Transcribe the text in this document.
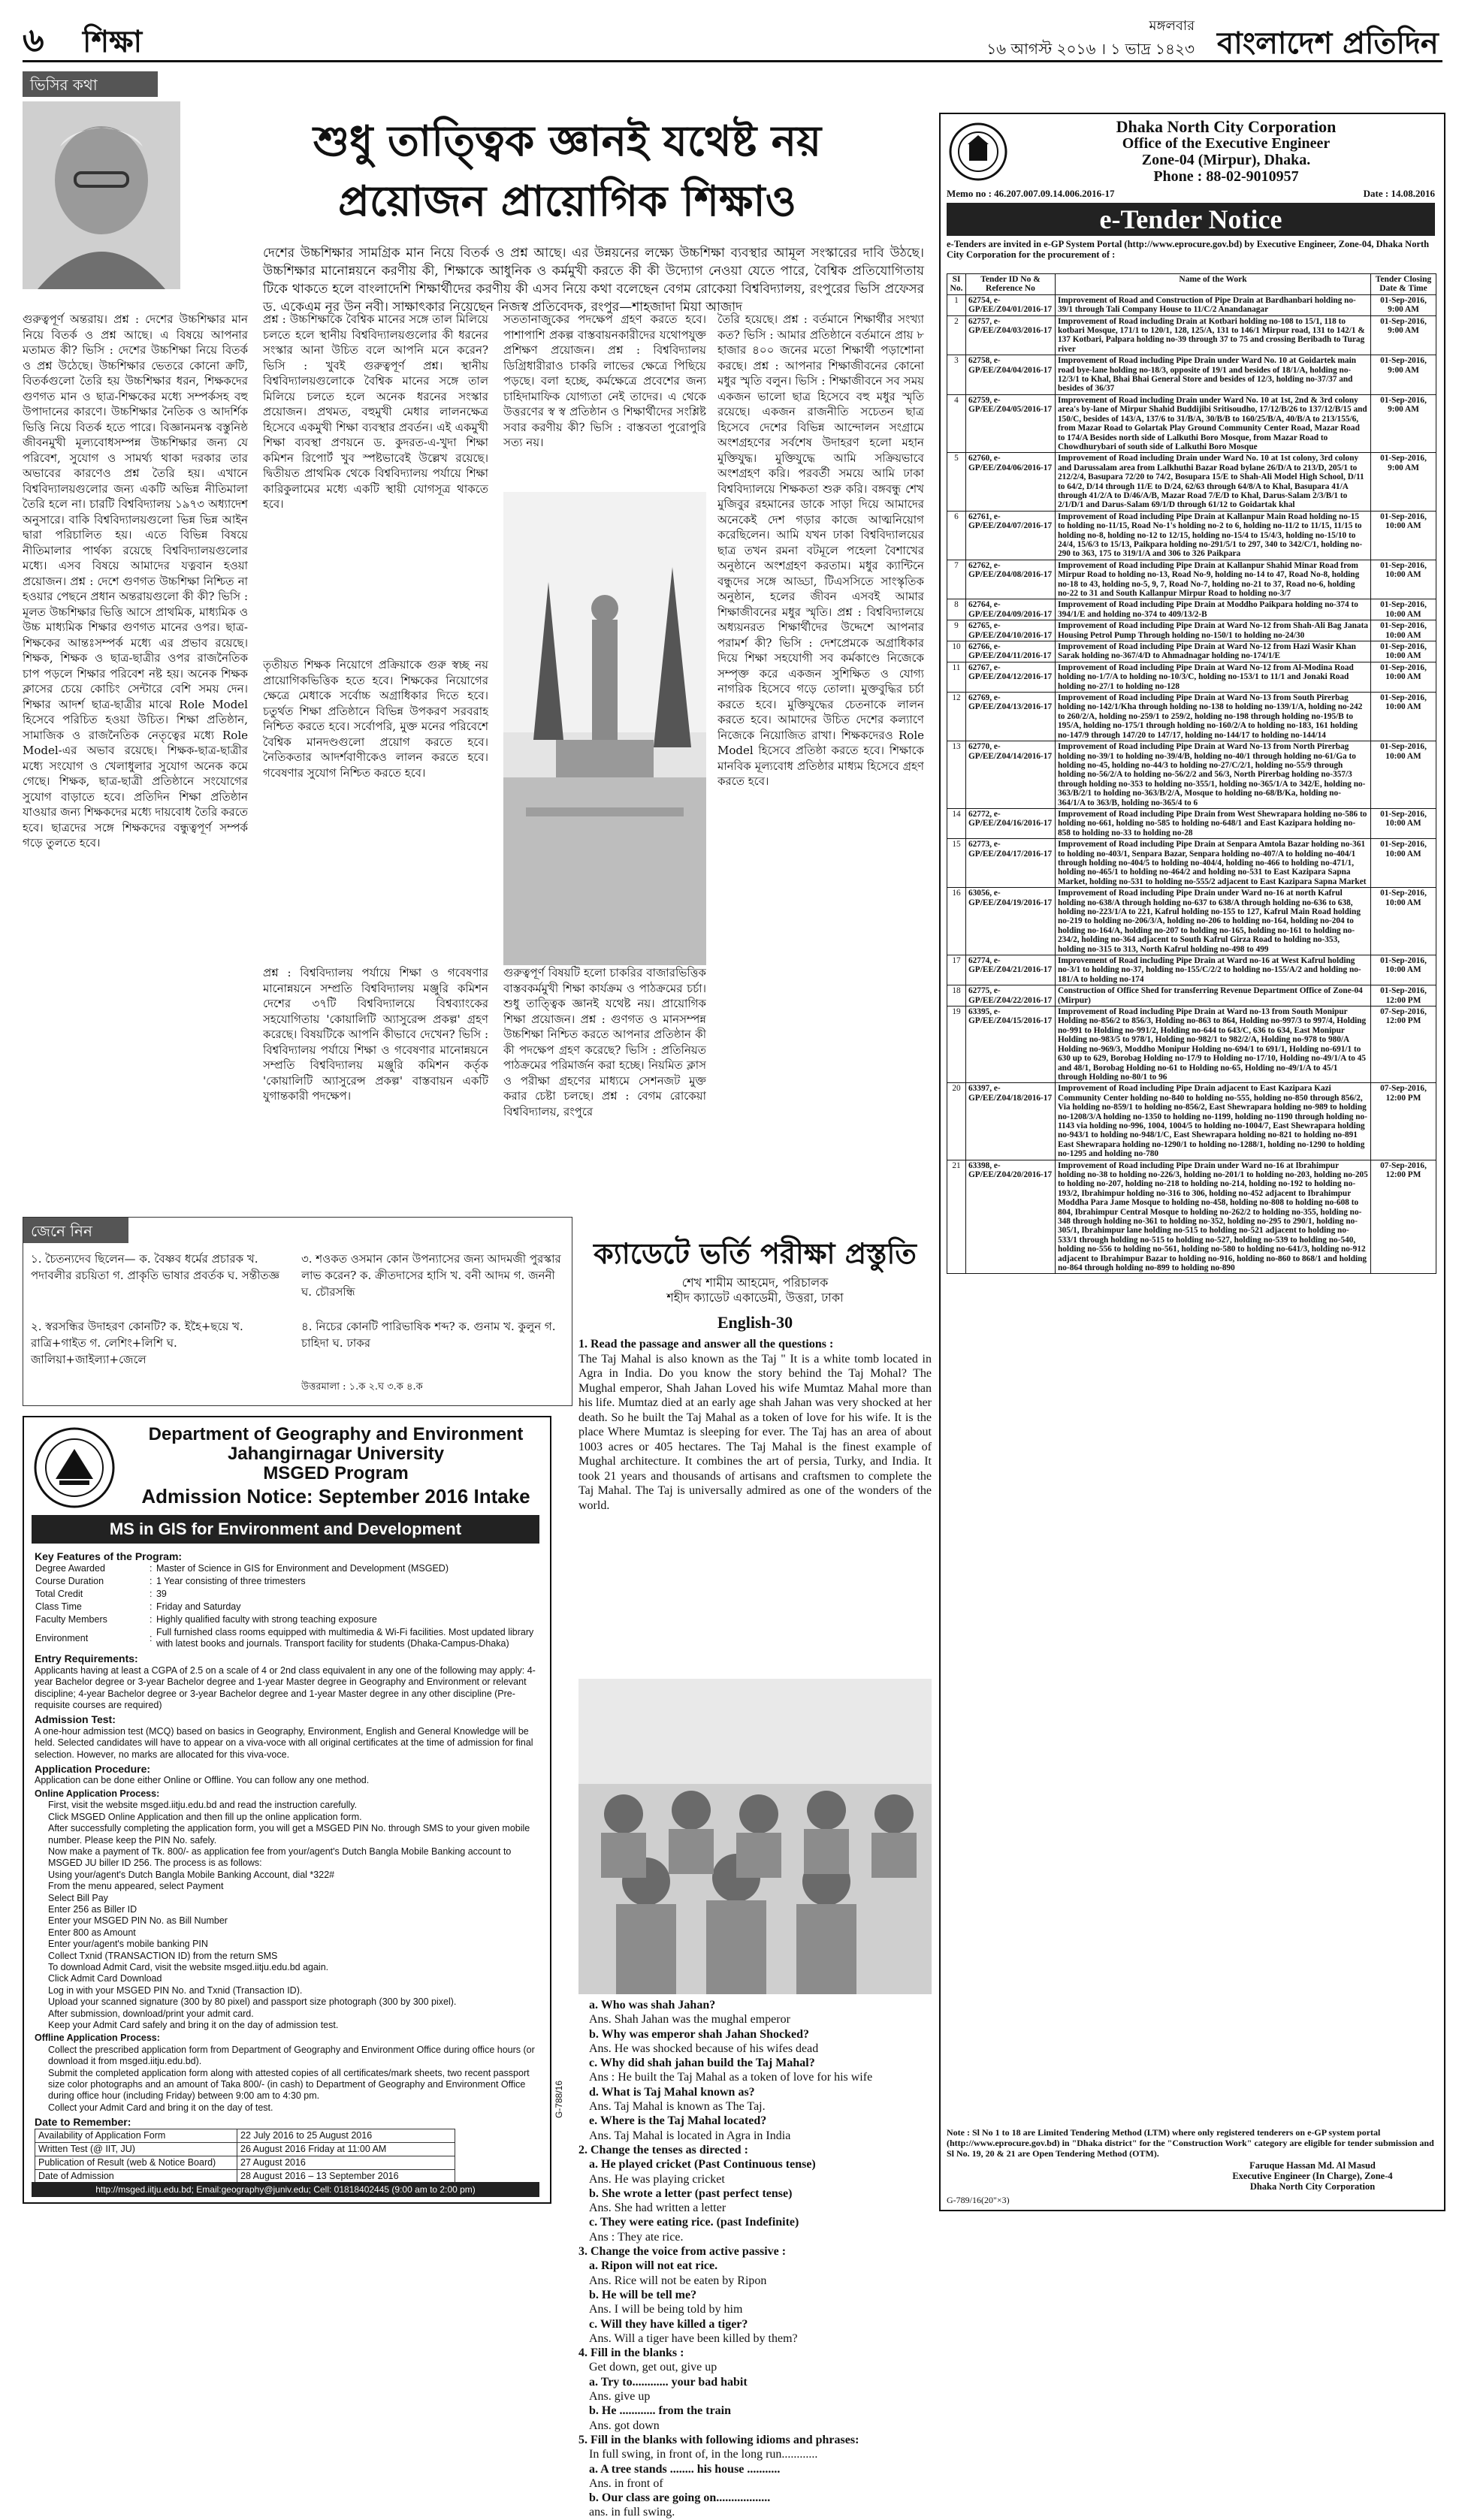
৬ শিক্ষা	মঙ্গলবার
১৬ আগস্ট ২০১৬ । ১ ভাদ্র ১৪২৩ বাংলাদেশ প্রতিদিন
ভিসির কথা
শুধু তাত্ত্বিক জ্ঞানই যথেষ্ট নয়
প্রয়োজন প্রায়োগিক শিক্ষাও
দেশের উচ্চশিক্ষার সামগ্রিক মান নিয়ে বিতর্ক ও প্রশ্ন আছে। এর উন্নয়নের লক্ষ্যে উচ্চশিক্ষা ব্যবস্থার আমূল সংস্কারের দাবি উঠছে। উচ্চশিক্ষার মানোন্নয়নে করণীয় কী, শিক্ষাকে আধুনিক ও কর্মমুখী করতে কী কী উদ্যোগ নেওয়া যেতে পারে, বৈশ্বিক প্রতিযোগিতায় টিকে থাকতে হলে বাংলাদেশি শিক্ষার্থীদের করণীয় কী এসব নিয়ে কথা বলেছেন বেগম রোকেয়া বিশ্ববিদ্যালয়, রংপুরের ভিসি প্রফেসর ড. একেএম নূর উন নবী। সাক্ষাৎকার নিয়েছেন নিজস্ব প্রতিবেদক, রংপুর—শাহজাদা মিয়া আজাদ
গুরুত্বপূর্ণ অন্তরায়। প্রশ্ন : দেশের উচ্চশিক্ষার মান নিয়ে বিতর্ক ও প্রশ্ন আছে। এ বিষয়ে আপনার মতামত কী? ভিসি : দেশের উচ্চশিক্ষা নিয়ে বিতর্ক ও প্রশ্ন উঠেছে। উচ্চশিক্ষার ভেতরে কোনো ক্রটি, বিতর্কগুলো তৈরি হয় উচ্চশিক্ষার ধরন, শিক্ষকদের গুণগত মান ও ছাত্র-শিক্ষকের মধ্যে সম্পর্কসহ বহু উপাদানের কারণে। উচ্চশিক্ষার নৈতিক ও আদর্শিক ভিত্তি নিয়ে বিতর্ক হতে পারে। বিজ্ঞানমনস্ক বস্তুনিষ্ঠ জীবনমুখী মূল্যবোধসম্পন্ন উচ্চশিক্ষার জন্য যে পরিবেশ, সুযোগ ও সামর্থ্য থাকা দরকার তার অভাবের কারণেও প্রশ্ন তৈরি হয়। এখানে বিশ্ববিদ্যালয়গুলোর জন্য একটি অভিন্ন নীতিমালা তৈরি হলে না। চারটি বিশ্ববিদ্যালয় ১৯৭৩ অধ্যাদেশ অনুসারে। বাকি বিশ্ববিদ্যালয়গুলো ভিন্ন ভিন্ন আইন দ্বারা পরিচালিত হয়। এতে বিভিন্ন বিষয়ে নীতিমালার পার্থক্য রয়েছে বিশ্ববিদ্যালয়গুলোর মধ্যে। এসব বিষয়ে আমাদের যত্নবান হওয়া প্রয়োজন। প্রশ্ন : দেশে গুণগত উচ্চশিক্ষা নিশ্চিত না হওয়ার পেছনে প্রধান অন্তরায়গুলো কী কী? ভিসি : মূলত উচ্চশিক্ষার ভিত্তি আসে প্রাথমিক, মাধ্যমিক ও উচ্চ মাধ্যমিক শিক্ষার গুণগত মানের ওপর। ছাত্র-শিক্ষকের আন্তঃসম্পর্ক মধ্যে এর প্রভাব রয়েছে। শিক্ষক, শিক্ষক ও ছাত্র-ছাত্রীর ওপর রাজনৈতিক চাপ পড়লে শিক্ষার পরিবেশ নষ্ট হয়। অনেক শিক্ষক ক্লাসের চেয়ে কোচিং সেন্টারে বেশি সময় দেন। শিক্ষার আদর্শ ছাত্র-ছাত্রীর মাঝে Role Model হিসেবে পরিচিত হওয়া উচিত। শিক্ষা প্রতিষ্ঠান, সামাজিক ও রাজনৈতিক নেতৃত্বের মধ্যে Role Model-এর অভাব রয়েছে। শিক্ষক-ছাত্র-ছাত্রীর মধ্যে সংযোগ ও খেলাধুলার সুযোগ অনেক কমে গেছে। শিক্ষক, ছাত্র-ছাত্রী প্রতিষ্ঠানে সংযোগের সুযোগ বাড়াতে হবে। প্রতিদিন শিক্ষা প্রতিষ্ঠান যাওয়ার জন্য শিক্ষকদের মধ্যে দায়বোধ তৈরি করতে হবে। ছাত্রদের সঙ্গে শিক্ষকদের বন্ধুত্বপূর্ণ সম্পর্ক গড়ে তুলতে হবে।
প্রশ্ন : উচ্চশিক্ষাকে বৈশ্বিক মানের সঙ্গে তাল মিলিয়ে চলতে হলে স্থানীয় বিশ্ববিদ্যালয়গুলোর কী ধরনের সংস্কার আনা উচিত বলে আপনি মনে করেন? ভিসি : খুবই গুরুত্বপূর্ণ প্রশ্ন। স্থানীয় বিশ্ববিদ্যালয়গুলোকে বৈশ্বিক মানের সঙ্গে তাল মিলিয়ে চলতে হলে অনেক ধরনের সংস্কার প্রয়োজন। প্রথমত, বহুমুখী মেধার লালনক্ষেত্র হিসেবে একমুখী শিক্ষা ব্যবস্থার প্রবর্তন। এই একমুখী শিক্ষা ব্যবস্থা প্রণয়নে ড. কুদরত-এ-খুদা শিক্ষা কমিশন রিপোর্ট খুব স্পষ্টভাবেই উল্লেখ রয়েছে। দ্বিতীয়ত প্রাথমিক থেকে বিশ্ববিদ্যালয় পর্যায়ে শিক্ষা কারিকুলামের মধ্যে একটি স্থায়ী যোগসূত্র থাকতে হবে।
তৃতীয়ত শিক্ষক নিয়োগে প্রক্রিয়াকে গুরু স্বচ্ছ নয় প্রায়োগিকভিত্তিক হতে হবে। শিক্ষকের নিয়োগের ক্ষেত্রে মেধাকে সর্বোচ্চ অগ্রাধিকার দিতে হবে। চতুর্থত শিক্ষা প্রতিষ্ঠানে বিভিন্ন উপকরণ সরবরাহ নিশ্চিত করতে হবে। সর্বোপরি, মুক্ত মনের পরিবেশে বৈশ্বিক মানদণ্ডগুলো প্রয়োগ করতে হবে। নৈতিকতার আদর্শবাণীকেও লালন করতে হবে। গবেষণার সুযোগ নিশ্চিত করতে হবে।
সততানাজুকের পদক্ষেপ গ্রহণ করতে হবে। পাশাপাশি প্রকল্প বাস্তবায়নকারীদের যথোপযুক্ত প্রশিক্ষণ প্রয়োজন। প্রশ্ন : বিশ্ববিদ্যালয় ডিগ্রিধারীরাও চাকরি লাভের ক্ষেত্রে পিছিয়ে পড়ছে। বলা হচ্ছে, কর্মক্ষেত্রে প্রবেশের জন্য চাহিদামাফিক যোগ্যতা নেই তাদের। এ থেকে উত্তরণের স্ব স্ব প্রতিষ্ঠান ও শিক্ষার্থীদের সংশ্লিষ্ট সবার করণীয় কী? ভিসি : বাস্তবতা পুরোপুরি সত্য নয়।
প্রশ্ন : বিশ্ববিদ্যালয় পর্যায়ে শিক্ষা ও গবেষণার মানোন্নয়নে সম্প্রতি বিশ্ববিদ্যালয় মঞ্জুরি কমিশন দেশের ৩৭টি বিশ্ববিদ্যালয়ে বিশ্বব্যাংকের সহযোগিতায় 'কোয়ালিটি অ্যাসুরেন্স প্রকল্প' গ্রহণ করেছে। বিষয়টিকে আপনি কীভাবে দেখেন? ভিসি : বিশ্ববিদ্যালয় পর্যায়ে শিক্ষা ও গবেষণার মানোন্নয়নে সম্প্রতি বিশ্ববিদ্যালয় মঞ্জুরি কমিশন কর্তৃক 'কোয়ালিটি অ্যাসুরেন্স প্রকল্প' বাস্তবায়ন একটি যুগান্তকারী পদক্ষেপ।
গুরুত্বপূর্ণ বিষয়টি হলো চাকরির বাজারভিত্তিক বাস্তবকর্মমুখী শিক্ষা কার্যক্রম ও পাঠক্রমের চর্চা। শুধু তাত্ত্বিক জ্ঞানই যথেষ্ট নয়। প্রায়োগিক শিক্ষা প্রয়োজন। প্রশ্ন : গুণগত ও মানসম্পন্ন উচ্চশিক্ষা নিশ্চিত করতে আপনার প্রতিষ্ঠান কী কী পদক্ষেপ গ্রহণ করেছে? ভিসি : প্রতিনিয়ত পাঠক্রমের পরিমার্জন করা হচ্ছে। নিয়মিত ক্লাস ও পরীক্ষা গ্রহণের মাধ্যমে সেশনজট মুক্ত করার চেষ্টা চলছে। প্রশ্ন : বেগম রোকেয়া বিশ্ববিদ্যালয়, রংপুরে
তৈরি হয়েছে। প্রশ্ন : বর্তমানে শিক্ষার্থীর সংখ্যা কত? ভিসি : আমার প্রতিষ্ঠানে বর্তমানে প্রায় ৮ হাজার ৪০০ জনের মতো শিক্ষার্থী পড়াশোনা করছে। প্রশ্ন : আপনার শিক্ষাজীবনের কোনো মধুর স্মৃতি বলুন। ভিসি : শিক্ষাজীবনে সব সময় একজন ভালো ছাত্র হিসেবে বহু মধুর স্মৃতি রয়েছে। একজন রাজনীতি সচেতন ছাত্র হিসেবে দেশের বিভিন্ন আন্দোলন সংগ্রামে অংশগ্রহণের সর্বশেষ উদাহরণ হলো মহান মুক্তিযুদ্ধ। মুক্তিযুদ্ধে আমি সক্রিয়ভাবে অংশগ্রহণ করি। পরবর্তী সময়ে আমি ঢাকা বিশ্ববিদ্যালয়ে শিক্ষকতা শুরু করি। বঙ্গবন্ধু শেখ মুজিবুর রহমানের ডাকে সাড়া দিয়ে আমাদের অনেকেই দেশ গড়ার কাজে আত্মনিয়োগ করেছিলেন। আমি যখন ঢাকা বিশ্ববিদ্যালয়ের ছাত্র তখন রমনা বটমূলে পহেলা বৈশাখের অনুষ্ঠানে অংশগ্রহণ করতাম। মধুর ক্যান্টিনে বন্ধুদের সঙ্গে আড্ডা, টিএসসিতে সাংস্কৃতিক অনুষ্ঠান, হলের জীবন এসবই আমার শিক্ষাজীবনের মধুর স্মৃতি। প্রশ্ন : বিশ্ববিদ্যালয়ে অধ্যয়নরত শিক্ষার্থীদের উদ্দেশে আপনার পরামর্শ কী? ভিসি : দেশপ্রেমকে অগ্রাধিকার দিয়ে শিক্ষা সহযোগী সব কর্মকাণ্ডে নিজেকে সম্পৃক্ত করে একজন সুশিক্ষিত ও যোগ্য নাগরিক হিসেবে গড়ে তোলা। মুক্তবুদ্ধির চর্চা করতে হবে। মুক্তিযুদ্ধের চেতনাকে লালন করতে হবে। আমাদের উচিত দেশের কল্যাণে নিজেকে নিয়োজিত রাখা। শিক্ষকদেরও Role Model হিসেবে প্রতিষ্ঠা করতে হবে। শিক্ষাকে মানবিক মূল্যবোধ প্রতিষ্ঠার মাধ্যম হিসেবে গ্রহণ করতে হবে।
জেনে নিন
১. চৈতন্যদেব ছিলেন— ক. বৈষ্ণব ধর্মের প্রচারক খ. পদাবলীর রচয়িতা গ. প্রাকৃতি ভাষার প্রবর্তক ঘ. সন্তীতজ্ঞ
২. স্বরসন্ধির উদাহরণ কোনটি? ক. ইহৈ+ছয়ে খ. রাত্রি+গাইত গ. লেশিং+লিশি ঘ. জালিয়া+জাইল্যা+জেলে
৩. শওকত ওসমান কোন উপন্যাসের জন্য আদমজী পুরস্কার লাভ করেন? ক. ক্রীতদাসের হাসি খ. বনী আদম গ. জননী ঘ. চৌরসন্ধি
৪. নিচের কোনটি পারিভাষিক শব্দ? ক. গুনাম খ. কুলুন গ. চাহিদা ঘ. ঢাকর
উত্তরমালা : ১.ক ২.ঘ ৩.ক ৪.ক
Department of Geography and Environment
Jahangirnagar University
MSGED Program
Admission Notice: September 2016 Intake
MS in GIS for Environment and Development
Key Features of the Program:
Degree Awarded	:	Master of Science in GIS for Environment and Development (MSGED)
Course Duration	:	1 Year consisting of three trimesters
Total Credit	:	39
Class Time	:	Friday and Saturday
Faculty Members	:	Highly qualified faculty with strong teaching exposure
Environment	:	Full furnished class rooms equipped with multimedia & Wi-Fi facilities. Most updated library with latest books and journals. Transport facility for students (Dhaka-Campus-Dhaka)
Entry Requirements:
Applicants having at least a CGPA of 2.5 on a scale of 4 or 2nd class equivalent in any one of the following may apply: 4-year Bachelor degree or 3-year Bachelor degree and 1-year Master degree in Geography and Environment or relevant discipline; 4-year Bachelor degree or 3-year Bachelor degree and 1-year Master degree in any other discipline (Pre-requisite courses are required)
Admission Test:
A one-hour admission test (MCQ) based on basics in Geography, Environment, English and General Knowledge will be held. Selected candidates will have to appear on a viva-voce with all original certificates at the time of admission for final selection. However, no marks are allocated for this viva-voce.
Application Procedure:
Application can be done either Online or Offline. You can follow any one method.
Online Application Process:
First, visit the website msged.iitju.edu.bd and read the instruction carefully.
Click MSGED Online Application and then fill up the online application form.
After successfully completing the application form, you will get a MSGED PIN No. through SMS to your given mobile number. Please keep the PIN No. safely.
Now make a payment of Tk. 800/- as application fee from your/agent's Dutch Bangla Mobile Banking account to MSGED JU biller ID 256. The process is as follows:
Using your/agent's Dutch Bangla Mobile Banking Account, dial *322#
From the menu appeared, select Payment
Select Bill Pay
Enter 256 as Biller ID
Enter your MSGED PIN No. as Bill Number
Enter 800 as Amount
Enter your/agent's mobile banking PIN
Collect Txnid (TRANSACTION ID) from the return SMS
To download Admit Card, visit the website msged.iitju.edu.bd again.
Click Admit Card Download
Log in with your MSGED PIN No. and Txnid (Transaction ID).
Upload your scanned signature (300 by 80 pixel) and passport size photograph (300 by 300 pixel).
After submission, download/print your admit card.
Keep your Admit Card safely and bring it on the day of admission test.
Offline Application Process:
Collect the prescribed application form from Department of Geography and Environment Office during office hours (or download it from msged.iitju.edu.bd).
Submit the completed application form along with attested copies of all certificates/mark sheets, two recent passport size color photographs and an amount of Taka 800/- (in cash) to Department of Geography and Environment Office during office hour (including Friday) between 9:00 am to 4:30 pm.
Collect your Admit Card and bring it on the day of test.
Date to Remember:
Availability of Application Form	22 July 2016 to 25 August 2016
Written Test (@ IIT, JU)	26 August 2016 Friday at 11:00 AM
Publication of Result (web & Notice Board)	27 August 2016
Date of Admission	28 August 2016 – 13 September 2016

http://msged.iitju.edu.bd; Email:geography@juniv.edu; Cell: 01818402445 (9:00 am to 2:00 pm)
G-788/16
ক্যাডেটে ভর্তি পরীক্ষা প্রস্তুতি
শেখ শামীম আহমেদ, পরিচালক
শহীদ ক্যাডেট একাডেমী, উত্তরা, ঢাকা
English-30
1. Read the passage and answer all the questions :
The Taj Mahal is also known as the Taj " It is a white tomb located in Agra in India. Do you know the story behind the Taj Mohal? The Mughal emperor, Shah Jahan Loved his wife Mumtaz Mahal more than his life. Mumtaz died at an early age shah Jahan was very shocked at her death. So he built the Taj Mahal as a token of love for his wife. It is the place Where Mumtaz is sleeping for ever. The Taj has an area of about 1003 acres or 405 hectares. The Taj Mahal is the finest example of Mughal architecture. It combines the art of persia, Turky, and India. It took 21 years and thousands of artisans and craftsmen to complete the Taj Mahal. The Taj is universally admired as one of the wonders of the world.
a. Who was shah Jahan?
Ans. Shah Jahan was the mughal emperor
b. Why was emperor shah Jahan Shocked?
Ans. He was shocked because of his wifes dead
c. Why did shah jahan build the Taj Mahal?
Ans : He built the Taj Mahal as a token of love for his wife
d. What is Taj Mahal known as?
Ans. Taj Mahal is known as The Taj.
e. Where is the Taj Mahal located?
Ans. Taj Mahal is located in Agra in India
2. Change the tenses as directed :
a. He played cricket (Past Continuous tense)
Ans. He was playing cricket
b. She wrote a letter (past perfect tense)
Ans. She had written a letter
c. They were eating rice. (past Indefinite)
Ans : They ate rice.
3. Change the voice from active passive :
a. Ripon will not eat rice.
Ans. Rice will not be eaten by Ripon
b. He will be tell me?
Ans. I will be being told by him
c. Will they have killed a tiger?
Ans. Will a tiger have been killed by them?
4. Fill in the blanks :
Get down, get out, give up
a. Try to............ your bad habit
Ans. give up
b. He ............ from the train
Ans. got down
5. Fill in the blanks with following idioms and phrases:
In full swing, in front of, in the long run............
a. A tree stands ........ his house ...........
Ans. in front of
b. Our class are going on..................
ans. in full swing.
Dhaka North City Corporation
Office of the Executive Engineer
Zone-04 (Mirpur), Dhaka.
Phone : 88-02-9010957
Memo no : 46.207.007.09.14.006.2016-17	Date : 14.08.2016
e-Tender Notice
e-Tenders are invited in e-GP System Portal (http://www.eprocure.gov.bd) by Executive Engineer, Zone-04, Dhaka North City Corporation for the procurement of :
SI No.	Tender ID No & Reference No	Name of the Work	Tender Closing Date & Time
1	62754, e-GP/EE/Z04/01/2016-17	Improvement of Road and Construction of Pipe Drain at Bardhanbari holding no-39/1 through Tali Company House to 11/C/2 Anandanagar	01-Sep-2016, 9:00 AM
2	62757, e-GP/EE/Z04/03/2016-17	Improvement of Road including Drain at Kotbari holding no-108 to 15/1, 118 to kotbari Mosque, 171/1 to 120/1, 128, 125/A, 131 to 146/1 Mirpur road, 131 to 142/1 & 137 Kotbari, Palpara holding no-39 through 37 to 75 and crossing Beribadh to Turag river	01-Sep-2016, 9:00 AM
3	62758, e-GP/EE/Z04/04/2016-17	Improvement of Road including Pipe Drain under Ward No. 10 at Goidartek main road bye-lane holding no-18/3, opposite of 19/1 and besides of 18/1/A, holding no-12/3/1 to Khal, Bhai Bhai General Store and besides of 12/3, holding no-37/37 and besides of 36/37	01-Sep-2016, 9:00 AM
4	62759, e-GP/EE/Z04/05/2016-17	Improvement of Road including Drain under Ward No. 10 at 1st, 2nd & 3rd colony area's by-lane of Mirpur Shahid Buddijibi Sritisoudho, 17/12/B/26 to 137/12/B/15 and 150/C, besides of 143/A, 137/6 to 31/B/A, 30/B/B to 160/25/B/A, 40/B/A to 213/155/6, from Mazar Road to Golartak Play Ground Community Center Road, Mazar Road to 174/A Besides north side of Lalkuthi Boro Mosque, from Mazar Road to Chowdhurybari of south side of Lalkuthi Boro Mosque	01-Sep-2016, 9:00 AM
5	62760, e-GP/EE/Z04/06/2016-17	Improvement of Road including Drain under Ward No. 10 at 1st colony, 3rd colony and Darussalam area from Lalkhuthi Bazar Road bylane 26/D/A to 213/D, 205/1 to 212/2/4, Basupara 72/20 to 74/2, Bosupara 15/E to Shah-Ali Model High School, D/11 to 64/2, D/14 through 11/E to D/24, 62/63 through 64/8/A to Khal, Basupara 41/A through 41/2/A to D/46/A/B, Mazar Road 7/E/D to Khal, Darus-Salam 2/3/B/1 to 2/1/D/1 and Darus-Salam 69/1/D through 61/12 to Goidartak khal	01-Sep-2016, 9:00 AM
6	62761, e-GP/EE/Z04/07/2016-17	Improvement of Road including Pipe Drain at Kallanpur Main Road holding no-15 to holding no-11/15, Road No-1's holding no-2 to 6, holding no-11/2 to 11/15, 11/15 to holding no-8, holding no-12 to 12/15, holding no-15/4 to 15/4/3, holding no-15/10 to 24/4, 15/6/3 to 15/13, Paikpara holding no-291/5/1 to 297, 340 to 342/C/1, holding no-290 to 363, 175 to 319/1/A and 306 to 326 Paikpara	01-Sep-2016, 10:00 AM
7	62762, e-GP/EE/Z04/08/2016-17	Improvement of Road including Pipe Drain at Kallanpur Shahid Minar Road from Mirpur Road to holding no-13, Road No-9, holding no-14 to 47, Road No-8, holding no-18 to 43, holding no-5, 9, 7, Road No-7, holding no-21 to 37, Road no-6, holding no-22 to 31 and South Kallanpur Mirpur Road to holding no-3/7	01-Sep-2016, 10:00 AM
8	62764, e-GP/EE/Z04/09/2016-17	Improvement of Road including Pipe Drain at Moddho Paikpara holding no-374 to 394/1/E and holding no-374 to 409/13/2-B	01-Sep-2016, 10:00 AM
9	62765, e-GP/EE/Z04/10/2016-17	Improvement of Road including Pipe Drain at Ward No-12 from Shah-Ali Bag Janata Housing Petrol Pump Through holding no-150/1 to holding no-24/30	01-Sep-2016, 10:00 AM
10	62766, e-GP/EE/Z04/11/2016-17	Improvement of Road including Pipe Drain at Ward No-12 from Hazi Wasir Khan Sarak holding no-367/4/D to Ahmadnagar holding no-174/1/E	01-Sep-2016, 10:00 AM
11	62767, e-GP/EE/Z04/12/2016-17	Improvement of Road including Pipe Drain at Ward No-12 from Al-Modina Road holding no-1/7/A to holding no-10/3/C, holding no-153/1 to 11/1 and Jonaki Road holding no-27/1 to holding no-128	01-Sep-2016, 10:00 AM
12	62769, e-GP/EE/Z04/13/2016-17	Improvement of Road including Pipe Drain at Ward No-13 from South Pirerbag holding no-142/1/Kha through holding no-138 to holding no-139/1/A, holding no-242 to 260/2/A, holding no-259/1 to 259/2, holding no-198 through holding no-195/B to 195/A, holding no-175/1 through holding no-160/2/A to holding no-183, 161 holding no-147/9 through 147/20 to 147/17, holding no-144/17 to holding no-144/14	01-Sep-2016, 10:00 AM
13	62770, e-GP/EE/Z04/14/2016-17	Improvement of Road including Pipe Drain at Ward No-13 from North Pirerbag holding no-39/1 to holding no-39/4/B, holding no-40/1 through holding no-61/Ga to holding no-45, holding no-44/3 to holding no-27/C/2/1, holding no-55/9 through holding no-56/2/A to holding no-56/2/2 and 56/3, North Pirerbag holding no-357/3 through holding no-353 to holding no-355/1, holding no-365/1/A to 342/E, holding no-363/B/2/1 to holding no-363/B/2/A, Mosque to holding no-68/B/Ka, holding no-364/1/A to 363/B, holding no-365/4 to 6	01-Sep-2016, 10:00 AM
14	62772, e-GP/EE/Z04/16/2016-17	Improvement of Road including Pipe Drain from West Shewrapara holding no-586 to holding no-661, holding no-585 to holding no-648/1 and East Kazipara holding no-858 to holding no-33 to holding no-28	01-Sep-2016, 10:00 AM
15	62773, e-GP/EE/Z04/17/2016-17	Improvement of Road including Pipe Drain at Senpara Amtola Bazar holding no-361 to holding no-403/1, Senpara Bazar, Senpara holding no-407/A to holding no-404/1 through holding no-404/5 to holding no-404/4, holding no-466 to holding no-471/1, holding no-465/1 to holding no-464/2 and holding no-531 to East Kazipara Sapna Market, holding no-531 to holding no-555/2 adjacent to East Kazipara Sapna Market	01-Sep-2016, 10:00 AM
16	63056, e-GP/EE/Z04/19/2016-17	Improvement of Road including Pipe Drain under Ward no-16 at north Kafrul holding no-638/A through holding no-637 to 638/A through holding no-636 to 638, holding no-223/1/A to 221, Kafrul holding no-155 to 127, Kafrul Main Road holding no-219 to holding no-206/3/A, holding no-206 to holding no-164, holding no-204 to holding no-164/A, holding no-207 to holding no-165, holding no-161 to holding no-234/2, holding no-364 adjacent to South Kafrul Girza Road to holding no-353, holding no-315 to 313, North Kafrul holding no-498 to 499	01-Sep-2016, 10:00 AM
17	62774, e-GP/EE/Z04/21/2016-17	Improvement of Road including Pipe Drain at Ward no-16 at West Kafrul holding no-3/1 to holding no-37, holding no-155/C/2/2 to holding no-155/A/2 and holding no-181/A to holding no-174	01-Sep-2016, 10:00 AM
18	62775, e-GP/EE/Z04/22/2016-17	Construction of Office Shed for transferring Revenue Department Office of Zone-04 (Mirpur)	01-Sep-2016, 12:00 PM
19	63395, e-GP/EE/Z04/15/2016-17	Improvement of Road including Pipe Drain at Ward no-13 from South Monipur Holding no-856/2 to 856/3, Holding no-863 to 864, Holding no-997/3 to 997/4, Holding no-991 to Holding no-991/2, Holding no-644 to 643/C, 636 to 634, East Monipur Holding no-983/5 to 978/1, Holding no-982/1 to 982/2/A, Holding no-978 to 980/A Holding no-969/3, Moddho Monipur Holding no-694/1 to 691/1, Holding no-691/1 to 630 up to 629, Borobag Holding no-17/9 to Holding no-17/10, Holding no-49/1/A to 45 and 48/1, Borobag Holding no-61 to Holding no-65, Holding no-49/1/A to 45/1 through Holding no-80/1 to 96	07-Sep-2016, 12:00 PM
20	63397, e-GP/EE/Z04/18/2016-17	Improvement of Road including Pipe Drain adjacent to East Kazipara Kazi Community Center holding no-840 to holding no-555, holding no-850 through 856/2, Via holding no-859/1 to holding no-856/2, East Shewrapara holding no-989 to holding no-1208/3/A holding no-1350 to holding no-1199, holding no-1190 through holding no-1143 via holding no-996, 1004, 1004/5 to holding no-1004/7, East Shewrapara holding no-943/1 to holding no-948/1/C, East Shewrapara holding no-821 to holding no-891 East Shewrapara holding no-1290/1 to holding no-1288/1, holding no-1290 to holding no-1295 and holding no-780	07-Sep-2016, 12:00 PM
21	63398, e-GP/EE/Z04/20/2016-17	Improvement of Road including Pipe Drain under Ward no-16 at Ibrahimpur holding no-38 to holding no-226/3, holding no-201/1 to holding no-203, holding no-205 to holding no-207, holding no-218 to holding no-214, holding no-192 to holding no-193/2, Ibrahimpur holding no-316 to 306, holding no-452 adjacent to Ibrahimpur Moddha Para Jame Mosque to holding no-458, holding no-808 to holding no-608 to 804, Ibrahimpur Central Mosque to holding no-262/2 to holding no-355, holding no-348 through holding no-361 to holding no-352, holding no-295 to 290/1, holding no-305/1, Ibrahimpur lane holding no-515 to holding no-521 adjacent to holding no-533/1 through holding no-515 to holding no-527, holding no-539 to holding no-540, holding no-556 to holding no-561, holding no-580 to holding no-641/3, holding no-912 adjacent to Ibrahimpur Bazar to holding no-916, holding no-860 to 868/1 and holding no-864 through holding no-899 to holding no-890	07-Sep-2016, 12:00 PM
Note : Sl No 1 to 18 are Limited Tendering Method (LTM) where only registered tenderers on e-GP system portal (http://www.eprocure.gov.bd) in "Dhaka district" for the "Construction Work" category are eligible for tender submission and Sl No. 19, 20 & 21 are Open Tendering Method (OTM).
Faruque Hassan Md. Al Masud
Executive Engineer (In Charge), Zone-4
Dhaka North City Corporation
G-789/16(20"×3)
